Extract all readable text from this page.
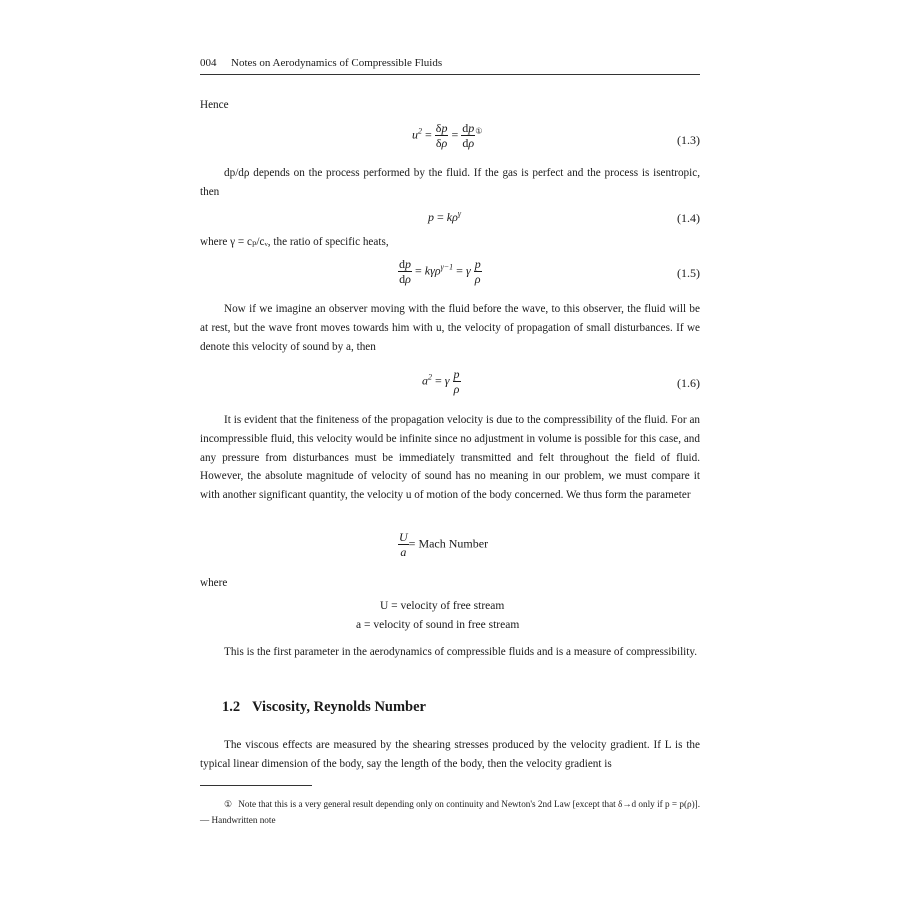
004 Notes on Aerodynamics of Compressible Fluids
Hence
$u^2 = \frac{\delta p}{\delta\rho} = \frac{dp}{d\rho} ^①$
(1.3)
dp/dρ depends on the process performed by the fluid. If the gas is perfect and the process is isentropic, then
$p = k\rho^\gamma$	(1.4)
where γ = cₚ/cᵥ, the ratio of specific heats,
$\frac{dp}{d\rho} = k\gamma\rho^{\gamma-1} = \gamma \frac{p}{\rho}$	(1.5)
Now if we imagine an observer moving with the fluid before the wave, to this observer, the fluid will be at rest, but the wave front moves towards him with u, the velocity of propagation of small disturbances. If we denote this velocity of sound by a, then
$a^2 = \gamma \frac{p}{\rho}$	(1.6)
It is evident that the finiteness of the propagation velocity is due to the compressibility of the fluid. For an incompressible fluid, this velocity would be infinite since no adjustment in volume is possible for this case, and any pressure from disturbances must be immediately transmitted and felt throughout the field of fluid. However, the absolute magnitude of velocity of sound has no meaning in our problem, we must compare it with another significant quantity, the velocity u of motion of the body concerned. We thus form the parameter
$\frac{U}{a}$ = Mach Number
where
U = velocity of free stream
a = velocity of sound in free stream
This is the first parameter in the aerodynamics of compressible fluids and is a measure of compressibility.
1.2 Viscosity, Reynolds Number
The viscous effects are measured by the shearing stresses produced by the velocity gradient. If L is the typical linear dimension of the body, say the length of the body, then the velocity gradient is
① Note that this is a very general result depending only on continuity and Newton's 2nd Law [except that δ→d only if p = p(ρ)]. — Handwritten note
